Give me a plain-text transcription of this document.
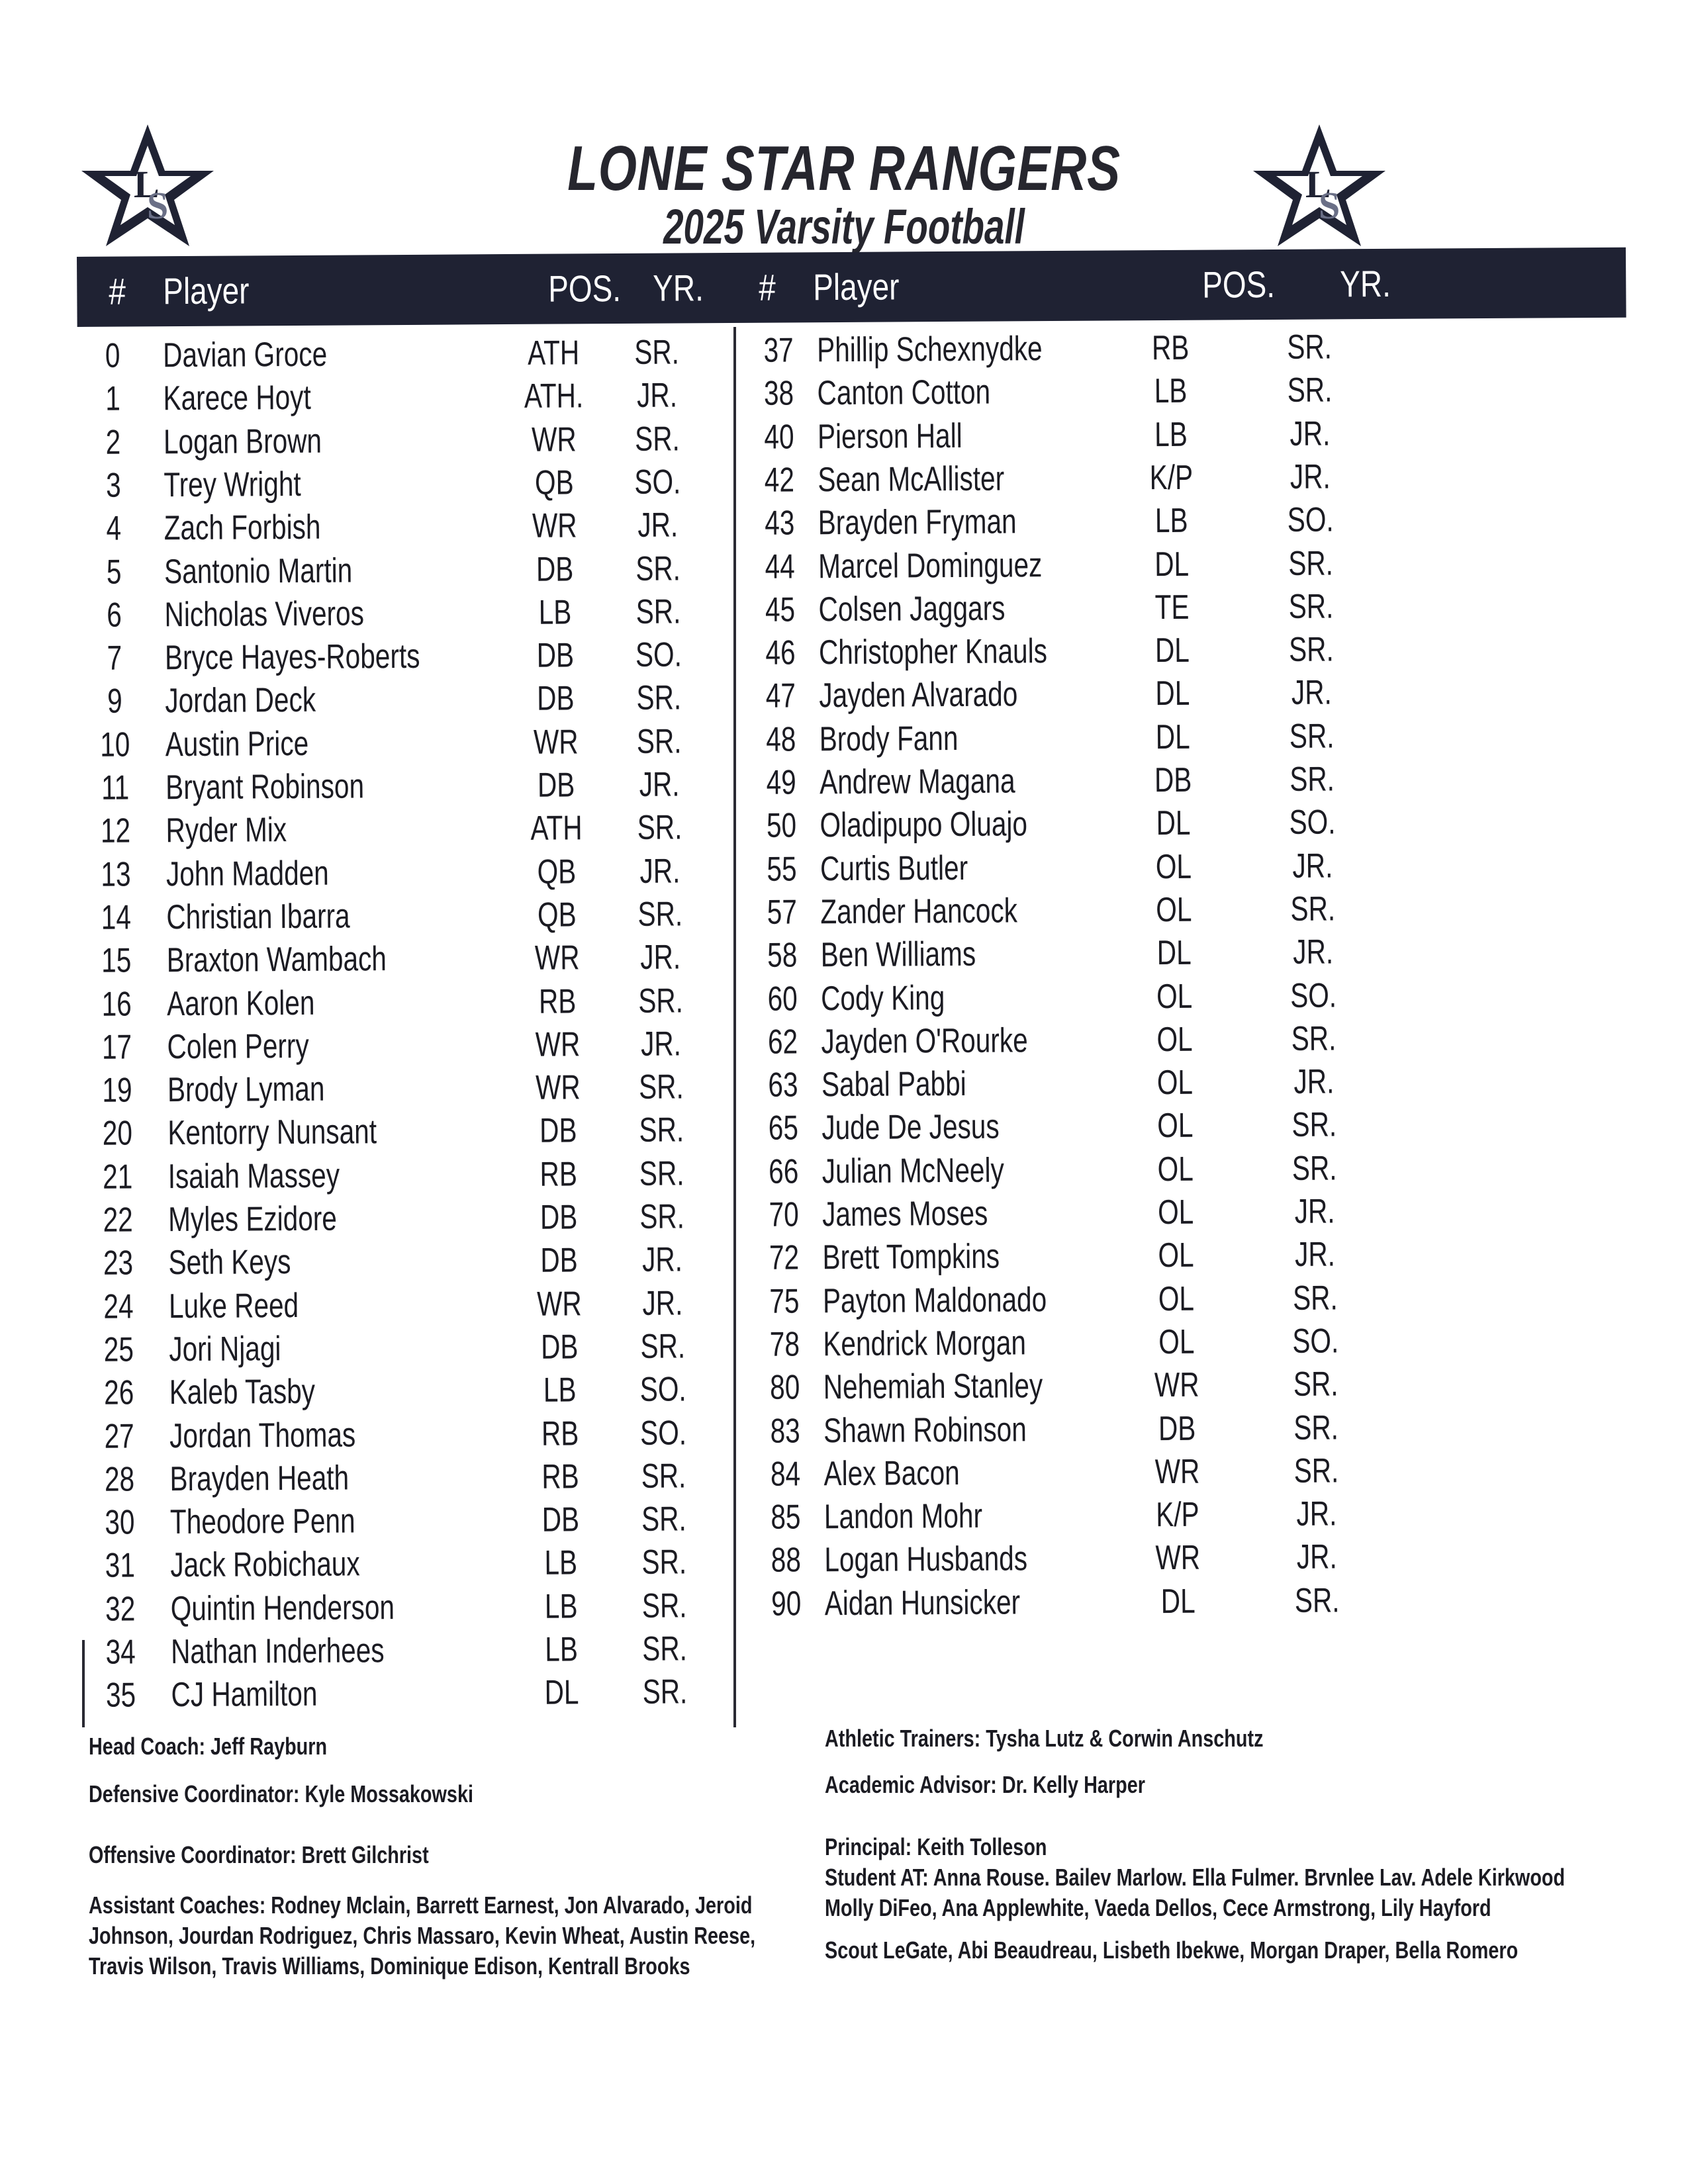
L
S	L
S
LONE STAR RANGERS
2025 Varsity Football
# Player	POS. YR. # Player	POS. YR.
0	Davian Groce	ATH SR.
1	Karece Hoyt	ATH.	JR.
2	Logan Brown	WR SR.
3	Trey Wright	QB	SO.
4	Zach Forbish	WR	JR.
5	Santonio Martin	DB	SR.
6	Nicholas Viveros	LB	SR.
7	Bryce Hayes-Roberts	DB	SO.
9	Jordan Deck	DB	SR.
10 Austin Price	WR SR.
11 Bryant Robinson	DB	JR.
12 Ryder Mix	ATH SR.
13 John Madden	QB	JR.
14 Christian Ibarra	QB	SR.
15 Braxton Wambach	WR	JR.
16 Aaron Kolen	RB	SR.
17 Colen Perry	WR	JR.
19 Brody Lyman	WR SR.
20 Kentorry Nunsant	DB	SR.
21 Isaiah Massey	RB	SR.
22 Myles Ezidore	DB	SR.
23 Seth Keys	DB	JR.
24 Luke Reed	WR	JR.
25 Jori Njagi	DB	SR.
26 Kaleb Tasby	LB	SO.
27 Jordan Thomas	RB	SO.
28 Brayden Heath	RB	SR.
30 Theodore Penn	DB	SR.
31 Jack Robichaux	LB	SR.
32 Quintin Henderson	LB	SR.
34 Nathan Inderhees	LB	SR.
35 CJ Hamilton	DL	SR.
37 Phillip Schexnydke	RB	SR.
38 Canton Cotton	LB	SR.
40 Pierson Hall	LB	JR.
42 Sean McAllister	K/P	JR.
43 Brayden Fryman	LB	SO.
44 Marcel Dominguez	DL	SR.
45 Colsen Jaggars	TE	SR.
46 Christopher Knauls	DL	SR.
47 Jayden Alvarado	DL	JR.
48 Brody Fann	DL	SR.
49 Andrew Magana	DB	SR.
50 Oladipupo Oluajo	DL	SO.
55 Curtis Butler	OL	JR.
57 Zander Hancock	OL	SR.
58 Ben Williams	DL	JR.
60 Cody King	OL	SO.
62 Jayden O'Rourke	OL	SR.
63 Sabal Pabbi	OL	JR.
65 Jude De Jesus	OL	SR.
66 Julian McNeely	OL	SR.
70 James Moses	OL	JR.
72 Brett Tompkins	OL	JR.
75 Payton Maldonado	OL	SR.
78 Kendrick Morgan	OL	SO.
80 Nehemiah Stanley	WR	SR.
83 Shawn Robinson	DB	SR.
84 Alex Bacon	WR	SR.
85 Landon Mohr	K/P	JR.
88 Logan Husbands	WR	JR.
90 Aidan Hunsicker	DL	SR.
Head Coach: Jeff Rayburn
Defensive Coordinator: Kyle Mossakowski
Offensive Coordinator: Brett Gilchrist
Assistant Coaches: Rodney Mclain, Barrett Earnest, Jon Alvarado, Jeroid
Johnson, Jourdan Rodriguez, Chris Massaro, Kevin Wheat, Austin Reese,
Travis Wilson, Travis Williams, Dominique Edison, Kentrall Brooks
Athletic Trainers: Tysha Lutz & Corwin Anschutz
Academic Advisor: Dr. Kelly Harper
Principal: Keith Tolleson
Student AT: Anna Rouse. Bailev Marlow. Ella Fulmer. Brvnlee Lav. Adele Kirkwood
Molly DiFeo, Ana Applewhite, Vaeda Dellos, Cece Armstrong, Lily Hayford
Scout LeGate, Abi Beaudreau, Lisbeth Ibekwe, Morgan Draper, Bella Romero
